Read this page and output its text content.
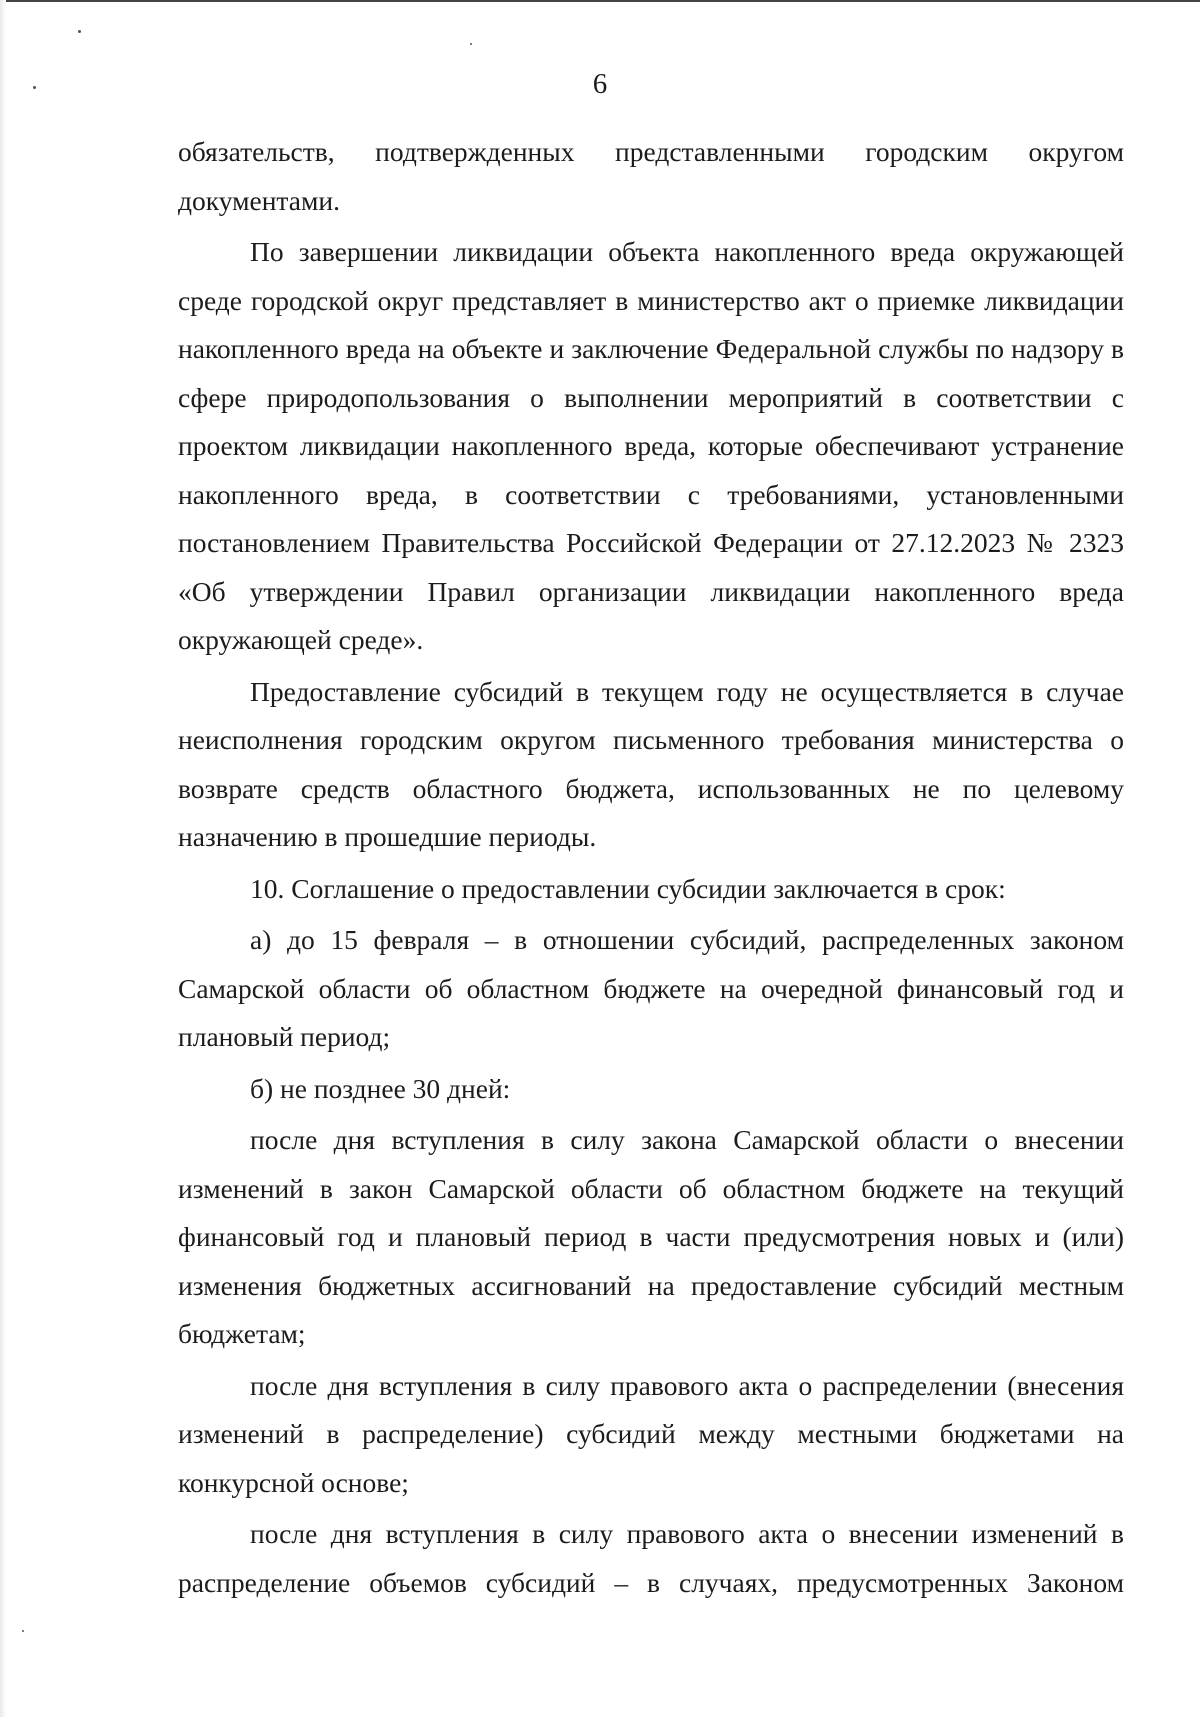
6

обязательств, подтвержденных представленными городским округом документами.

По завершении ликвидации объекта накопленного вреда окружающей среде городской округ представляет в министерство акт о приемке ликвидации накопленного вреда на объекте и заключение Федеральной службы по надзору в сфере природопользования о выполнении мероприятий в соответствии с проектом ликвидации накопленного вреда, которые обеспечивают устранение накопленного вреда, в соответствии с требованиями, установленными постановлением Правительства Российской Федерации от 27.12.2023 № 2323 «Об утверждении Правил организации ликвидации накопленного вреда окружающей среде».

Предоставление субсидий в текущем году не осуществляется в случае неисполнения городским округом письменного требования министерства о возврате средств областного бюджета, использованных не по целевому назначению в прошедшие периоды.

10. Соглашение о предоставлении субсидии заключается в срок:

а) до 15 февраля – в отношении субсидий, распределенных законом Самарской области об областном бюджете на очередной финансовый год и плановый период;

б) не позднее 30 дней:

после дня вступления в силу закона Самарской области о внесении изменений в закон Самарской области об областном бюджете на текущий финансовый год и плановый период в части предусмотрения новых и (или) изменения бюджетных ассигнований на предоставление субсидий местным бюджетам;

после дня вступления в силу правового акта о распределении (внесения изменений в распределение) субсидий между местными бюджетами на конкурсной основе;

после дня вступления в силу правового акта о внесении изменений в распределение объемов субсидий – в случаях, предусмотренных Законом
